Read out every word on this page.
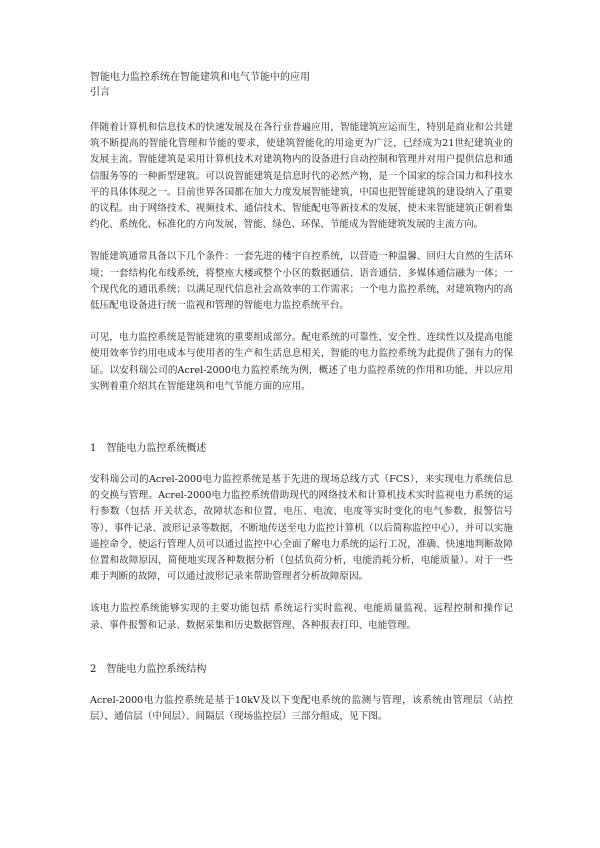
智能电力监控系统在智能建筑和电气节能中的应用

引言

伴随着计算机和信息技术的快速发展及在各行业普遍应用，智能建筑应运而生，特别是商业和公共建筑不断提高的智能化管理和节能的要求，使建筑智能化的用途更为广泛，已经成为21世纪建筑业的发展主流。智能建筑是采用计算机技术对建筑物内的设备进行自动控制和管理并对用户提供信息和通信服务等的一种新型建筑。可以说智能建筑是信息时代的必然产物，是一个国家的综合国力和科技水平的具体体现之一。目前世界各国都在加大力度发展智能建筑，中国也把智能建筑的建设纳入了重要的议程。由于网络技术、视频技术、通信技术、智能配电等新技术的发展，使未来智能建筑正朝着集约化、系统化、标准化的方向发展，智能、绿色、环保、节能成为智能建筑发展的主流方向。

智能建筑通常具备以下几个条件：一套先进的楼宇自控系统，以营造一种温馨、回归大自然的生活环境；一套结构化布线系统，将整座大楼或整个小区的数据通信、语音通信、多媒体通信融为一体；一个现代化的通讯系统；以满足现代信息社会高效率的工作需求；一个电力监控系统，对建筑物内的高低压配电设备进行统一监视和管理的智能电力监控系统平台。

可见，电力监控系统是智能建筑的重要组成部分。配电系统的可靠性、安全性、连续性以及提高电能使用效率节约用电成本与使用者的生产和生活息息相关，智能的电力监控系统为此提供了强有力的保证。以安科瑞公司的Acrel-2000电力监控系统为例，概述了电力监控系统的作用和功能，并以应用实例着重介绍其在智能建筑和电气节能方面的应用。

1　智能电力监控系统概述

安科瑞公司的Acrel-2000电力监控系统是基于先进的现场总线方式（FCS），来实现电力系统信息的交换与管理。Acrel-2000电力监控系统借助现代的网络技术和计算机技术实时监视电力系统的运行参数（包括 开关状态，故障状态和位置，电压、电流、电度等实时变化的电气参数，报警信号等）、事件记录、波形记录等数据，不断地传送至电力监控计算机（以后简称监控中心），并可以实施遥控命令，使运行管理人员可以通过监控中心全面了解电力系统的运行工况，准确、快速地判断故障位置和故障原因，简便地实现各种数据分析（包括负荷分析，电能消耗分析，电能质量）。对于一些难于判断的故障，可以通过波形记录来帮助管理者分析故障原因。

该电力监控系统能够实现的主要功能包括 系统运行实时监视、电能质量监视、远程控制和操作记录、事件报警和记录、数据采集和历史数据管理、各种报表打印、电能管理。

2　智能电力监控系统结构

Acrel-2000电力监控系统是基于10kV及以下变配电系统的监测与管理，该系统由管理层（站控层）、通信层（中间层）、间隔层（现场监控层）三部分组成，见下图。
